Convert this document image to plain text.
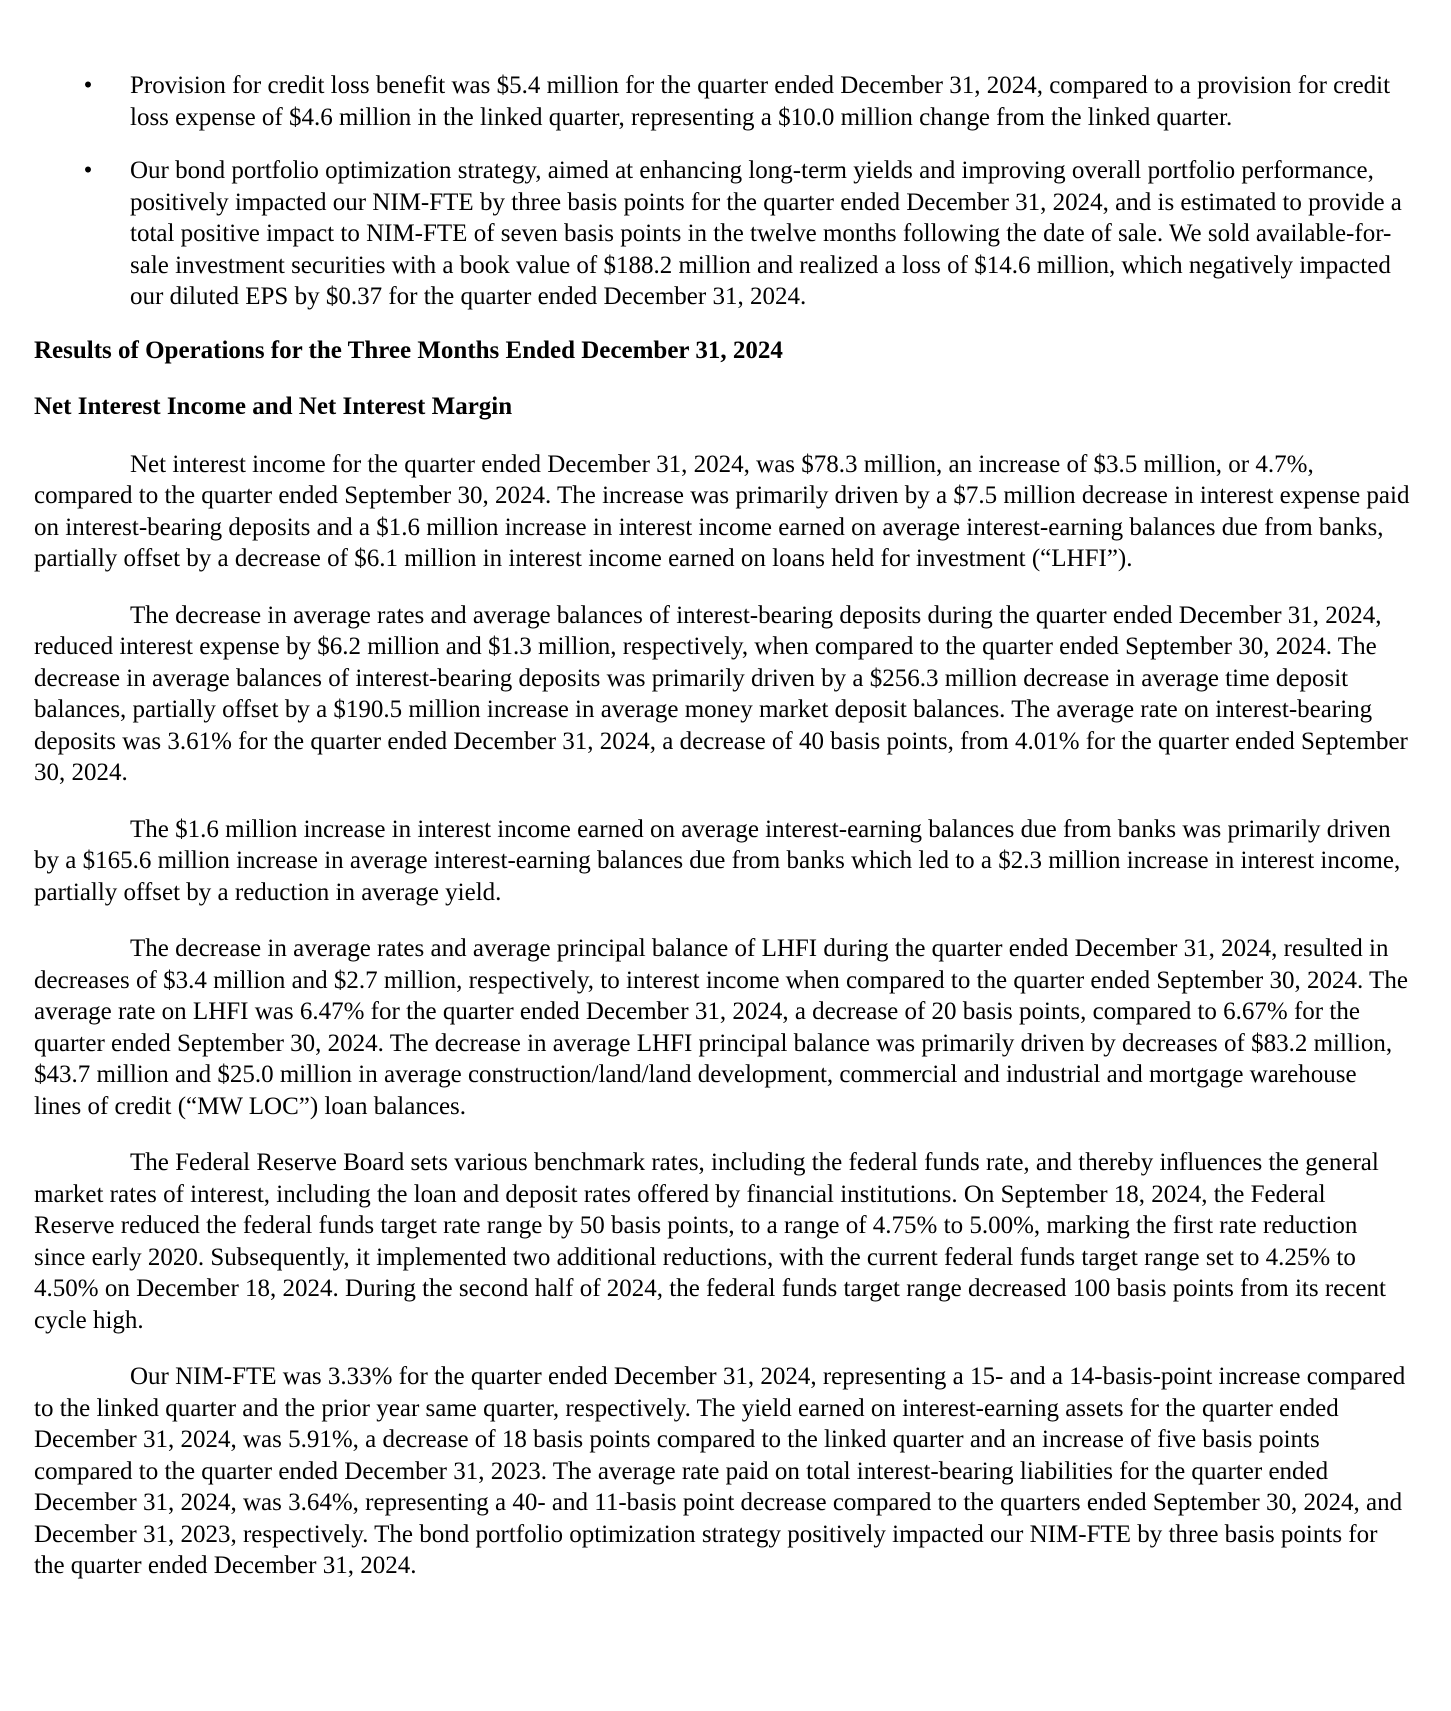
• Provision for credit loss benefit was $5.4 million for the quarter ended December 31, 2024, compared to a provision for credit loss expense of $4.6 million in the linked quarter, representing a $10.0 million change from the linked quarter.
• Our bond portfolio optimization strategy, aimed at enhancing long-term yields and improving overall portfolio performance, positively impacted our NIM-FTE by three basis points for the quarter ended December 31, 2024, and is estimated to provide a total positive impact to NIM-FTE of seven basis points in the twelve months following the date of sale. We sold available-for-sale investment securities with a book value of $188.2 million and realized a loss of $14.6 million, which negatively impacted our diluted EPS by $0.37 for the quarter ended December 31, 2024.

Results of Operations for the Three Months Ended December 31, 2024

Net Interest Income and Net Interest Margin

Net interest income for the quarter ended December 31, 2024, was $78.3 million, an increase of $3.5 million, or 4.7%, compared to the quarter ended September 30, 2024. The increase was primarily driven by a $7.5 million decrease in interest expense paid on interest-bearing deposits and a $1.6 million increase in interest income earned on average interest-earning balances due from banks, partially offset by a decrease of $6.1 million in interest income earned on loans held for investment (“LHFI”).

The decrease in average rates and average balances of interest-bearing deposits during the quarter ended December 31, 2024, reduced interest expense by $6.2 million and $1.3 million, respectively, when compared to the quarter ended September 30, 2024. The decrease in average balances of interest-bearing deposits was primarily driven by a $256.3 million decrease in average time deposit balances, partially offset by a $190.5 million increase in average money market deposit balances. The average rate on interest-bearing deposits was 3.61% for the quarter ended December 31, 2024, a decrease of 40 basis points, from 4.01% for the quarter ended September 30, 2024.

The $1.6 million increase in interest income earned on average interest-earning balances due from banks was primarily driven by a $165.6 million increase in average interest-earning balances due from banks which led to a $2.3 million increase in interest income, partially offset by a reduction in average yield.

The decrease in average rates and average principal balance of LHFI during the quarter ended December 31, 2024, resulted in decreases of $3.4 million and $2.7 million, respectively, to interest income when compared to the quarter ended September 30, 2024. The average rate on LHFI was 6.47% for the quarter ended December 31, 2024, a decrease of 20 basis points, compared to 6.67% for the quarter ended September 30, 2024. The decrease in average LHFI principal balance was primarily driven by decreases of $83.2 million, $43.7 million and $25.0 million in average construction/land/land development, commercial and industrial and mortgage warehouse lines of credit (“MW LOC”) loan balances.

The Federal Reserve Board sets various benchmark rates, including the federal funds rate, and thereby influences the general market rates of interest, including the loan and deposit rates offered by financial institutions. On September 18, 2024, the Federal Reserve reduced the federal funds target rate range by 50 basis points, to a range of 4.75% to 5.00%, marking the first rate reduction since early 2020. Subsequently, it implemented two additional reductions, with the current federal funds target range set to 4.25% to 4.50% on December 18, 2024. During the second half of 2024, the federal funds target range decreased 100 basis points from its recent cycle high.

Our NIM-FTE was 3.33% for the quarter ended December 31, 2024, representing a 15- and a 14-basis-point increase compared to the linked quarter and the prior year same quarter, respectively. The yield earned on interest-earning assets for the quarter ended December 31, 2024, was 5.91%, a decrease of 18 basis points compared to the linked quarter and an increase of five basis points compared to the quarter ended December 31, 2023. The average rate paid on total interest-bearing liabilities for the quarter ended December 31, 2024, was 3.64%, representing a 40- and 11-basis point decrease compared to the quarters ended September 30, 2024, and December 31, 2023, respectively. The bond portfolio optimization strategy positively impacted our NIM-FTE by three basis points for the quarter ended December 31, 2024.
